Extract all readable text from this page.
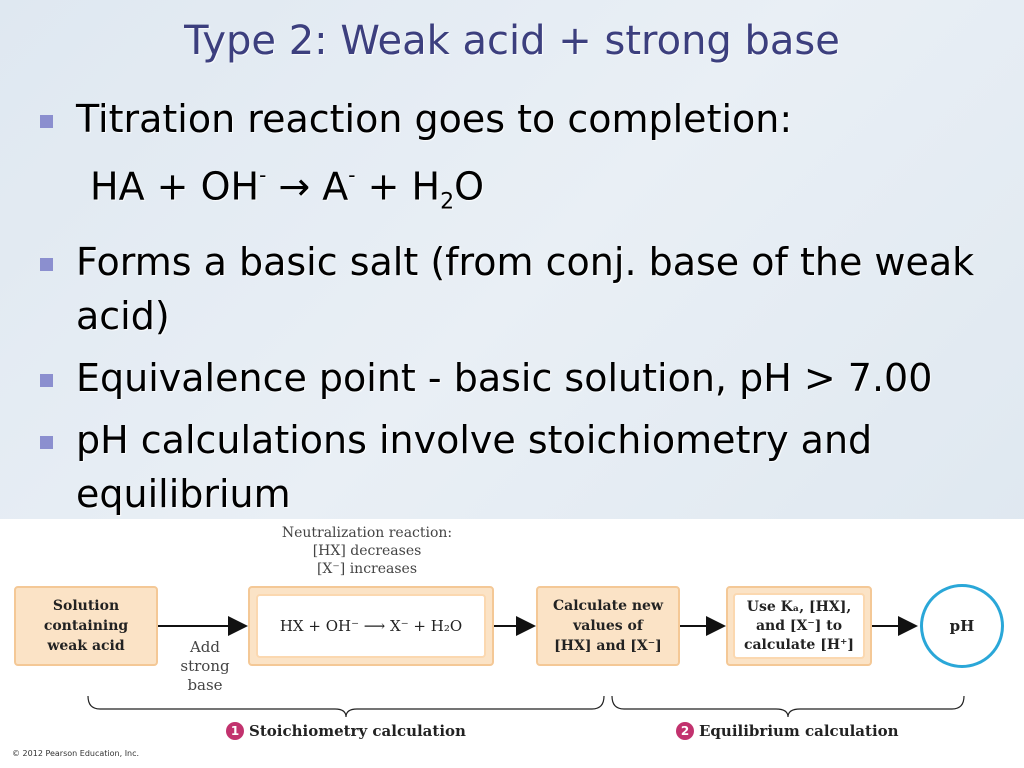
Type 2: Weak acid + strong base
Titration reaction goes to completion:
HA + $OH^- \to A^- + H_2O$
Forms a basic salt (from conj. base of the weak acid)
Equivalence point - basic solution, pH > 7.00
pH calculations involve stoichiometry and equilibrium
Solution
containing
weak acid	Add
strong
base
Neutralization reaction:
[HX] decreases
[X⁻] increases
HX + OH⁻ ⟶ X⁻ + H₂O
Calculate new
values of
[HX] and [X⁻]
Use Kₐ, [HX],
and [X⁻] to
calculate [H⁺]
pH
1 Stoichiometry calculation	2 Equilibrium calculation
© 2012 Pearson Education, Inc.
